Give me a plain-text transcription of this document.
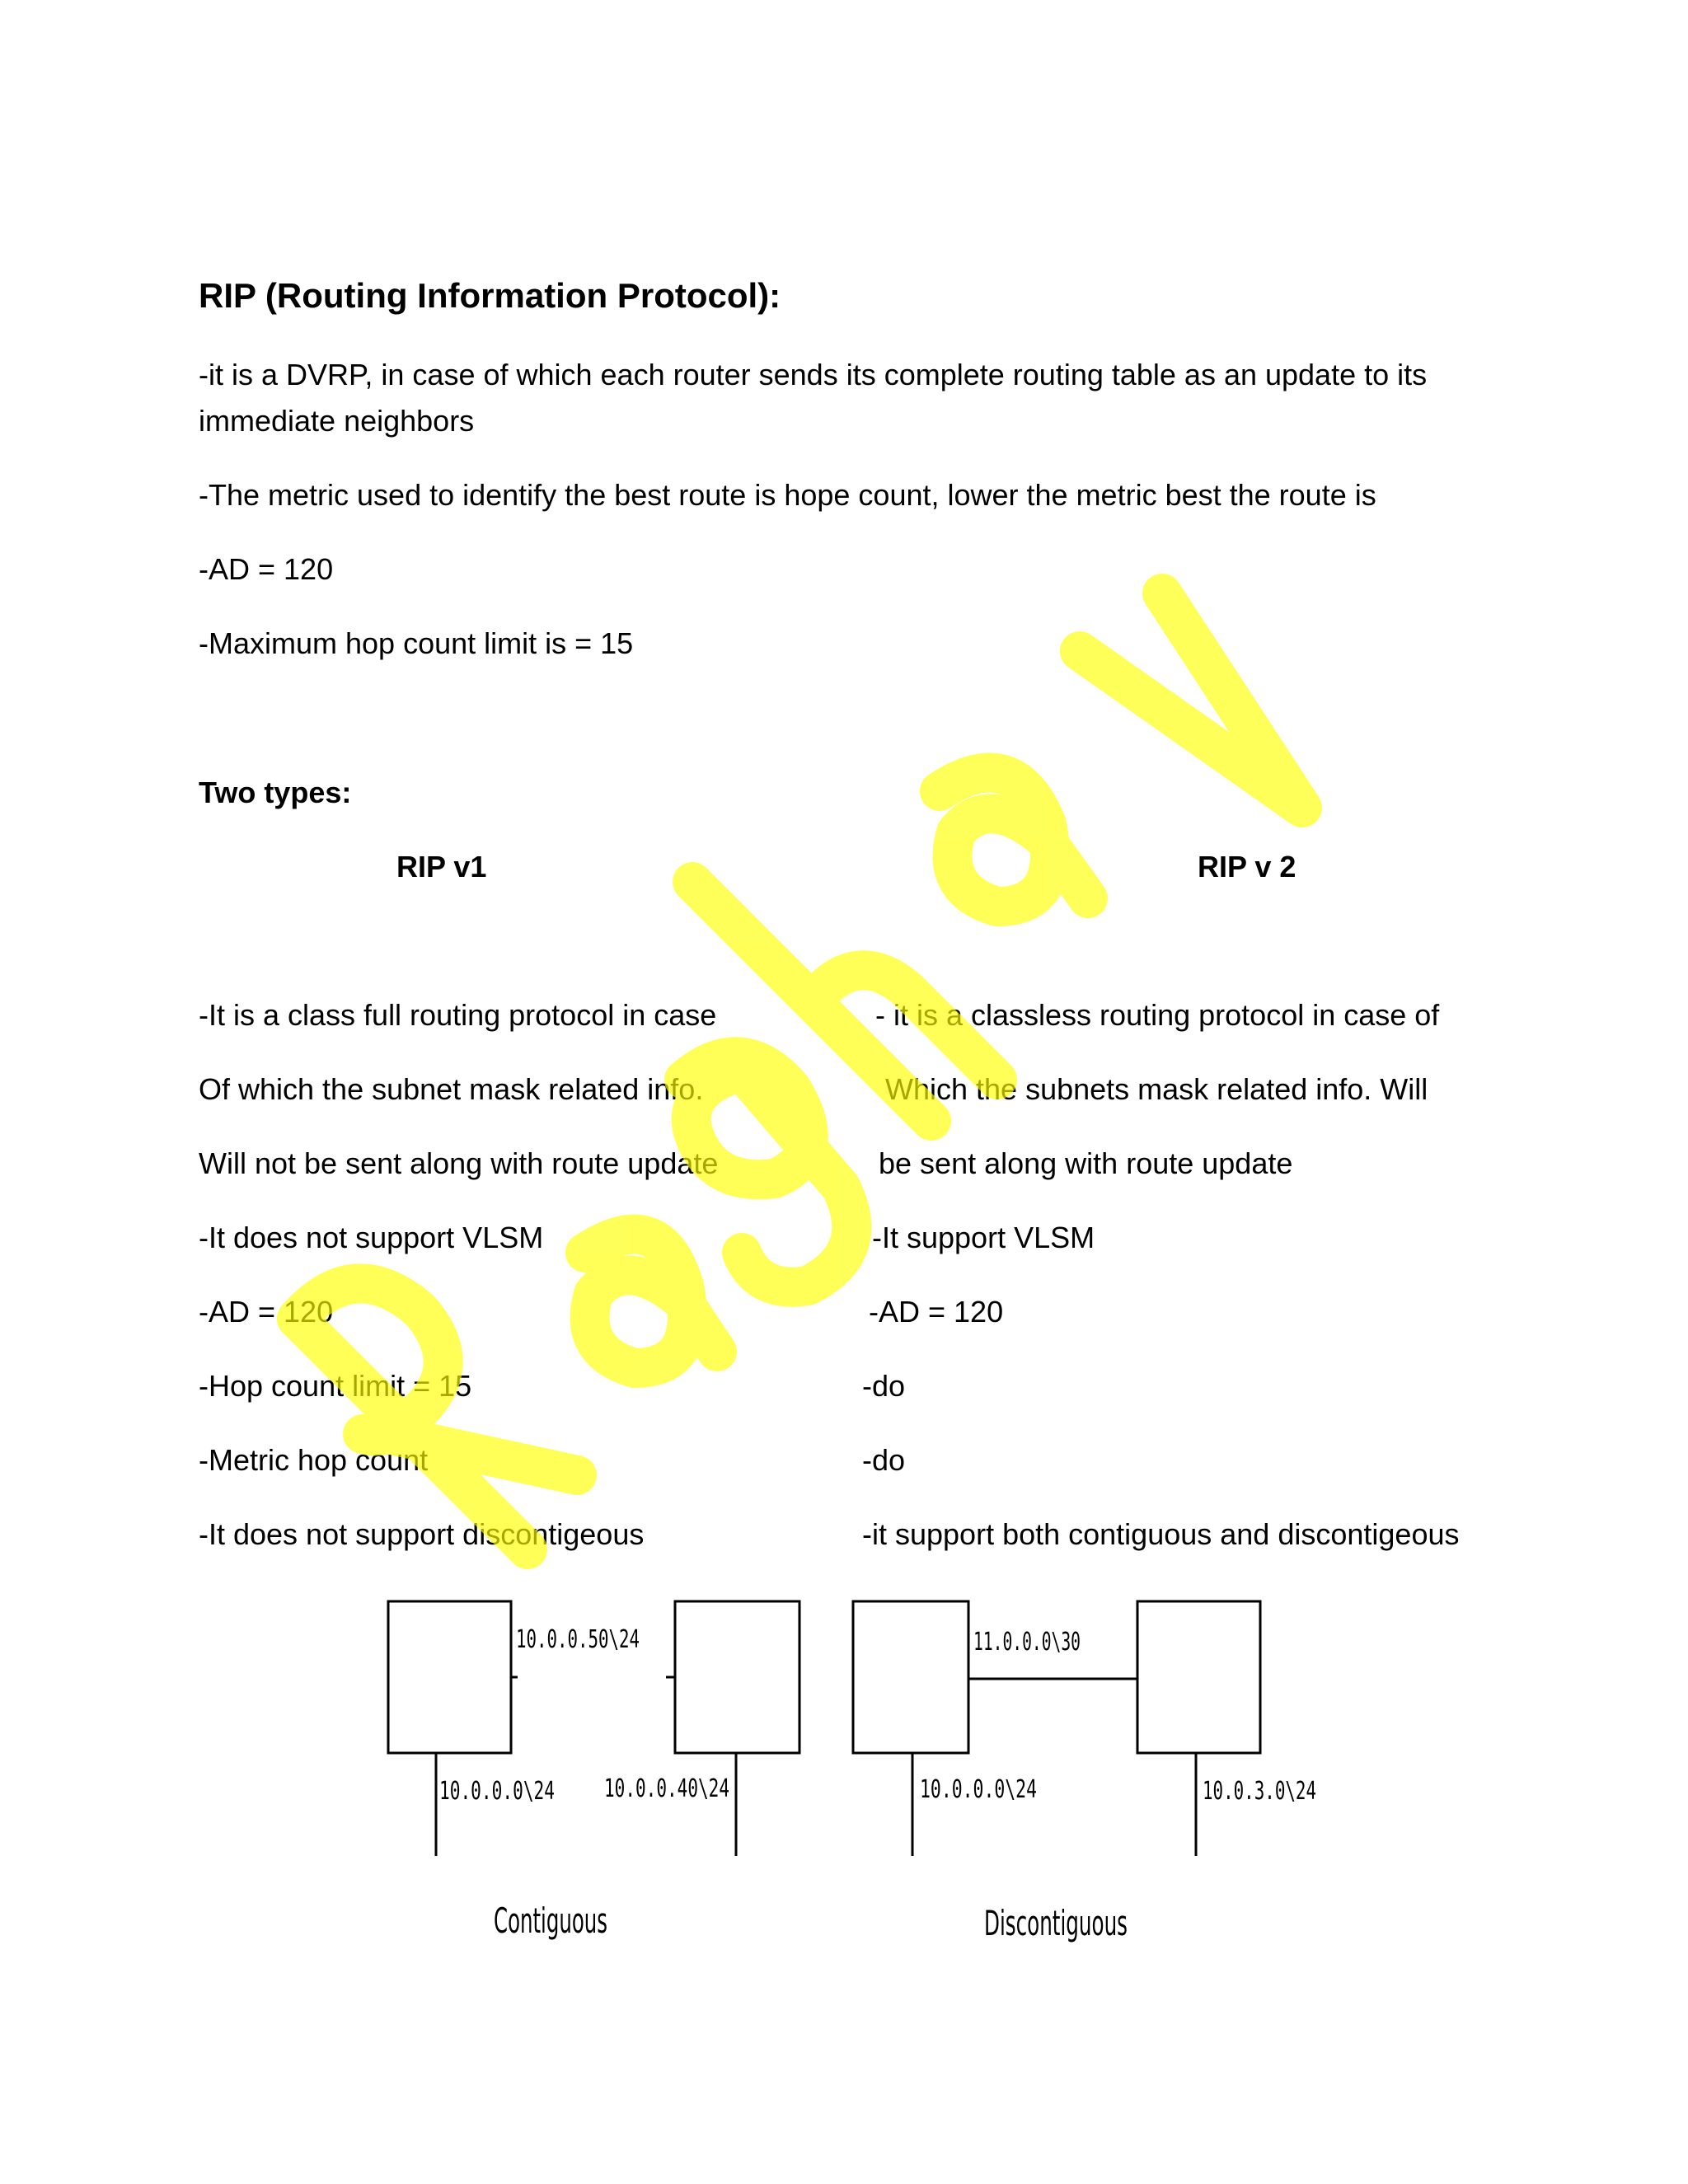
RIP (Routing Information Protocol):
-it is a DVRP, in case of which each router sends its complete routing table as an update to its
immediate neighbors
-The metric used to identify the best route is hope count, lower the metric best the route is
-AD = 120
-Maximum hop count limit is = 15
Two types:
RIP v1	RIP v 2
-It is a class full routing protocol in case
Of which the subnet mask related info.
Will not be sent along with route update
-It does not support VLSM
-AD = 120
-Hop count limit = 15
-Metric hop count
-It does not support discontigeous
- it is a classless routing protocol in case of
Which the subnets mask related info. Will
be sent along with route update
-It support VLSM
-AD = 120
-do
-do
-it support both contiguous and discontigeous
10.0.0.50\24
10.0.0.0\24 10.0.0.40\24
Contiguous
11.0.0.0\30
10.0.0.0\24	10.0.3.0\24
Discontiguous
